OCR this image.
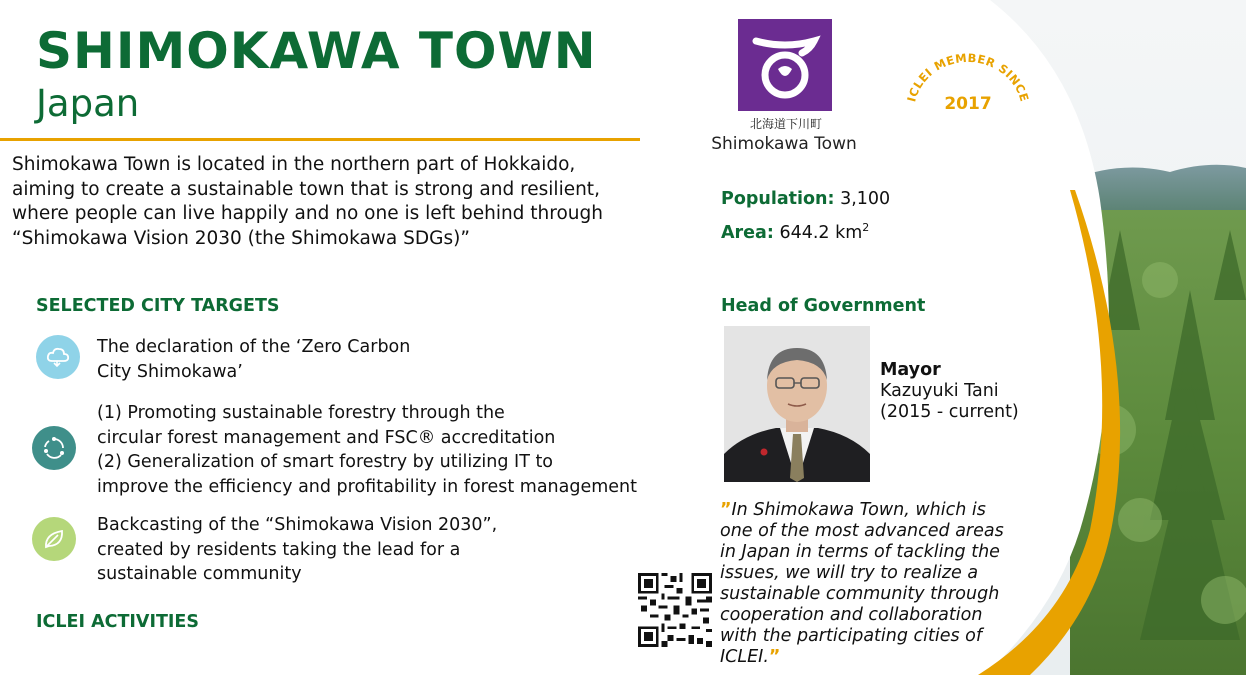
SHIMOKAWA TOWN
Japan
Shimokawa Town is located in the northern part of Hokkaido,
aiming to create a sustainable town that is strong and resilient,
where people can live happily and no one is left behind through
“Shimokawa Vision 2030 (the Shimokawa SDGs)”
SELECTED CITY TARGETS
The declaration of the ‘Zero Carbon
City Shimokawa’
(1) Promoting sustainable forestry through the
circular forest management and FSC® accreditation
(2) Generalization of smart forestry by utilizing IT to
improve the efficiency and profitability in forest management
Backcasting of the “Shimokawa Vision 2030”,
created by residents taking the lead for a
sustainable community
ICLEI ACTIVITIES
北海道下川町
Shimokawa Town
ICLEI MEMBER SINCE
2017
Population: 3,100
Area: 644.2 $km^2$
Head of Government
Mayor
Kazuyuki Tani
(2015 - current)
”In Shimokawa Town, which is one of the most advanced areas in Japan in terms of tackling the issues, we will try to realize a sustainable community through cooperation and collaboration with the participating cities of ICLEI.”
